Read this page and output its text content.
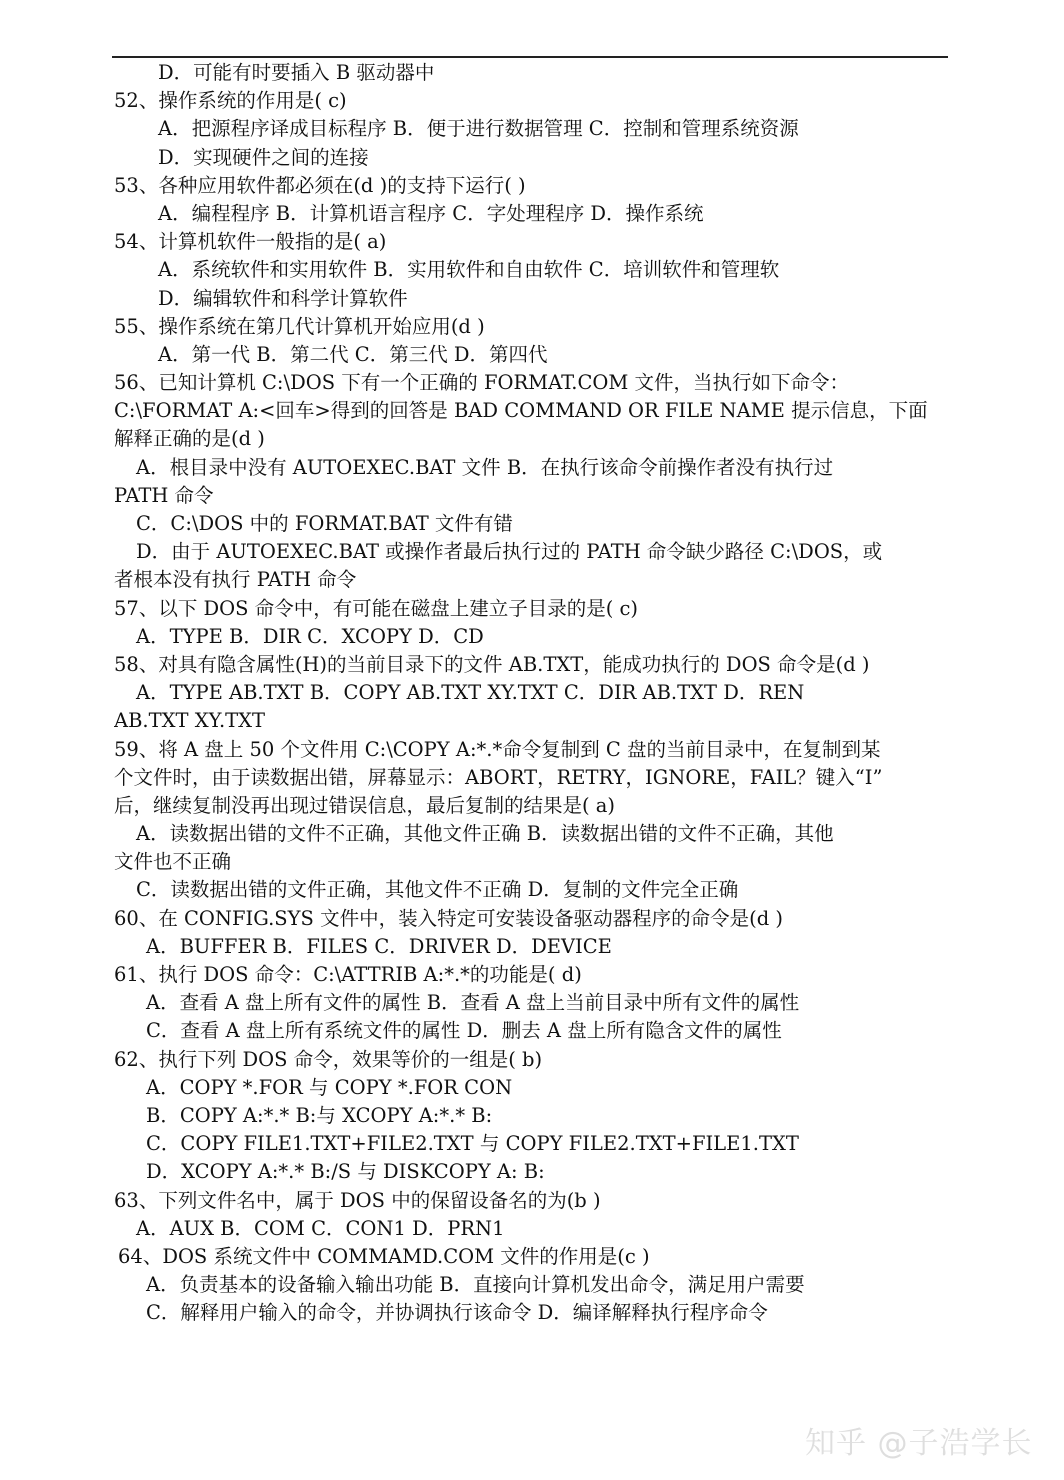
D．可能有时要插入 B 驱动器中
52、操作系统的作用是( c)
A．把源程序译成目标程序 B．便于进行数据管理 C．控制和管理系统资源
D．实现硬件之间的连接
53、各种应用软件都必须在(d )的支持下运行( )
A．编程程序 B．计算机语言程序 C．字处理程序 D．操作系统
54、计算机软件一般指的是( a)
A．系统软件和实用软件 B．实用软件和自由软件 C．培训软件和管理软
D．编辑软件和科学计算软件
55、操作系统在第几代计算机开始应用(d )
A．第一代 B．第二代 C．第三代 D．第四代
56、已知计算机 C:\DOS 下有一个正确的 FORMAT.COM 文件，当执行如下命令：
C:\FORMAT A:<回车>得到的回答是 BAD COMMAND OR FILE NAME 提示信息，下面
解释正确的是(d )
A．根目录中没有 AUTOEXEC.BAT 文件 B．在执行该命令前操作者没有执行过
PATH 命令
C．C:\DOS 中的 FORMAT.BAT 文件有错
D．由于 AUTOEXEC.BAT 或操作者最后执行过的 PATH 命令缺少路径 C:\DOS，或
者根本没有执行 PATH 命令
57、以下 DOS 命令中，有可能在磁盘上建立子目录的是( c)
A．TYPE B．DIR C．XCOPY D．CD
58、对具有隐含属性(H)的当前目录下的文件 AB.TXT，能成功执行的 DOS 命令是(d )
A．TYPE AB.TXT B．COPY AB.TXT XY.TXT C．DIR AB.TXT D．REN
AB.TXT XY.TXT
59、将 A 盘上 50 个文件用 C:\COPY A:*.*命令复制到 C 盘的当前目录中，在复制到某
个文件时，由于读数据出错，屏幕显示：ABORT，RETRY，IGNORE，FAIL？键入“I”
后，继续复制没再出现过错误信息，最后复制的结果是( a)
A．读数据出错的文件不正确，其他文件正确 B．读数据出错的文件不正确，其他
文件也不正确
C．读数据出错的文件正确，其他文件不正确 D．复制的文件完全正确
60、在 CONFIG.SYS 文件中，装入特定可安装设备驱动器程序的命令是(d )
A．BUFFER B．FILES C．DRIVER D．DEVICE
61、执行 DOS 命令：C:\ATTRIB A:*.*的功能是( d)
A．查看 A 盘上所有文件的属性 B．查看 A 盘上当前目录中所有文件的属性
C．查看 A 盘上所有系统文件的属性 D．删去 A 盘上所有隐含文件的属性
62、执行下列 DOS 命令，效果等价的一组是( b)
A．COPY *.FOR 与 COPY *.FOR CON
B．COPY A:*.* B:与 XCOPY A:*.* B:
C．COPY FILE1.TXT+FILE2.TXT 与 COPY FILE2.TXT+FILE1.TXT
D．XCOPY A:*.* B:/S 与 DISKCOPY A: B:
63、下列文件名中，属于 DOS 中的保留设备名的为(b )
A．AUX B．COM C．CON1 D．PRN1
64、DOS 系统文件中 COMMAMD.COM 文件的作用是(c )
A．负责基本的设备输入输出功能 B．直接向计算机发出命令，满足用户需要
C．解释用户输入的命令，并协调执行该命令 D．编译解释执行程序命令
知乎 @子浩学长
